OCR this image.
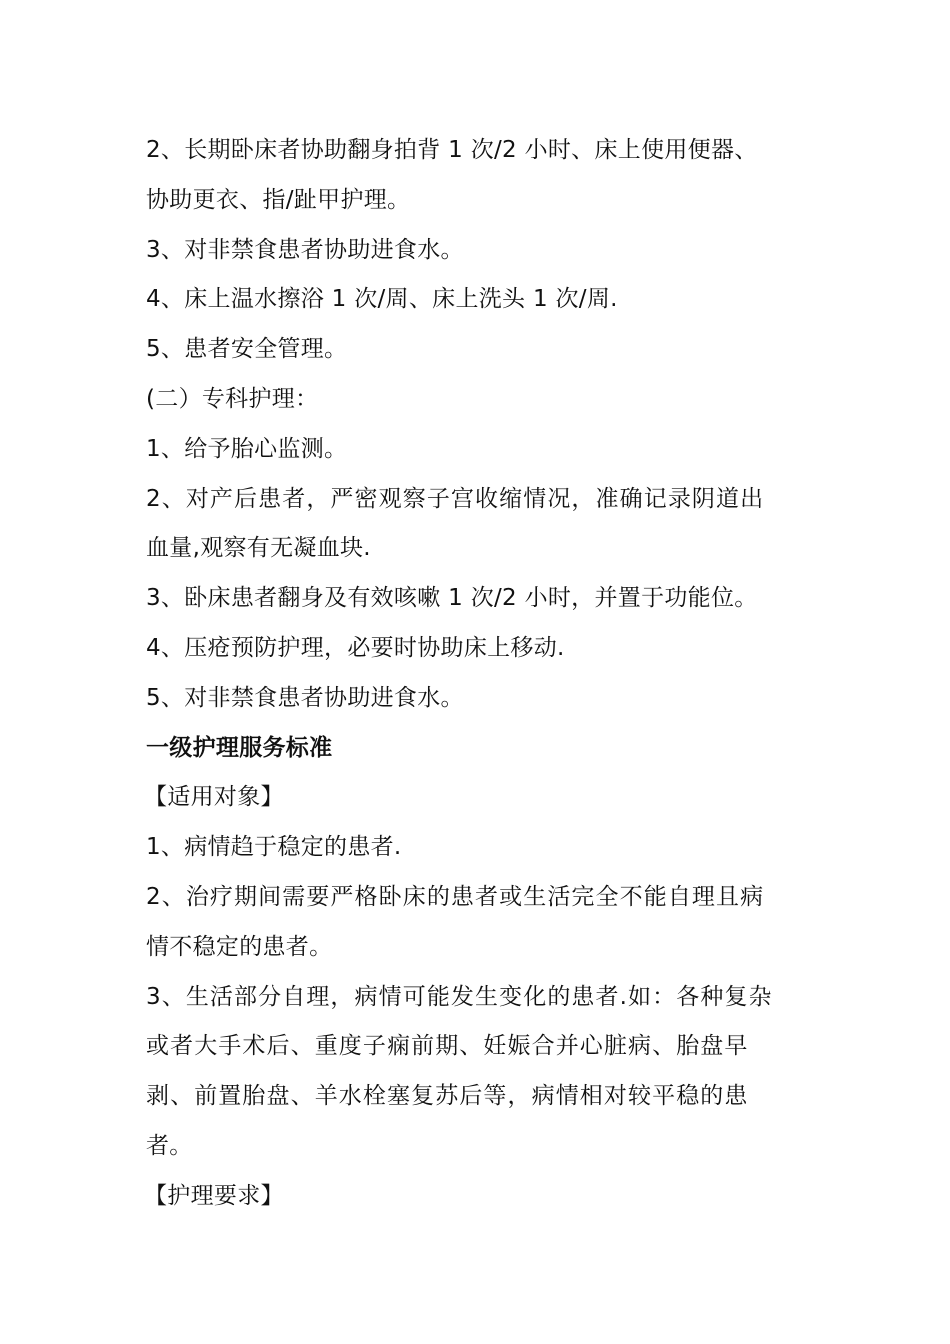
2、长期卧床者协助翻身拍背 1 次/2 小时、床上使用便器、
协助更衣、指/趾甲护理。
3、对非禁食患者协助进食水。
4、床上温水擦浴 1 次/周、床上洗头 1 次/周.
5、患者安全管理。
(二）专科护理：
1、给予胎心监测。
2、对产后患者，严密观察子宫收缩情况，准确记录阴道出
血量,观察有无凝血块.
3、卧床患者翻身及有效咳嗽 1 次/2 小时，并置于功能位。
4、压疮预防护理，必要时协助床上移动.
5、对非禁食患者协助进食水。
一级护理服务标准
【适用对象】
1、病情趋于稳定的患者.
2、治疗期间需要严格卧床的患者或生活完全不能自理且病
情不稳定的患者。
3、生活部分自理，病情可能发生变化的患者.如：各种复杂
或者大手术后、重度子痫前期、妊娠合并心脏病、胎盘早
剥、前置胎盘、羊水栓塞复苏后等，病情相对较平稳的患
者。
【护理要求】
